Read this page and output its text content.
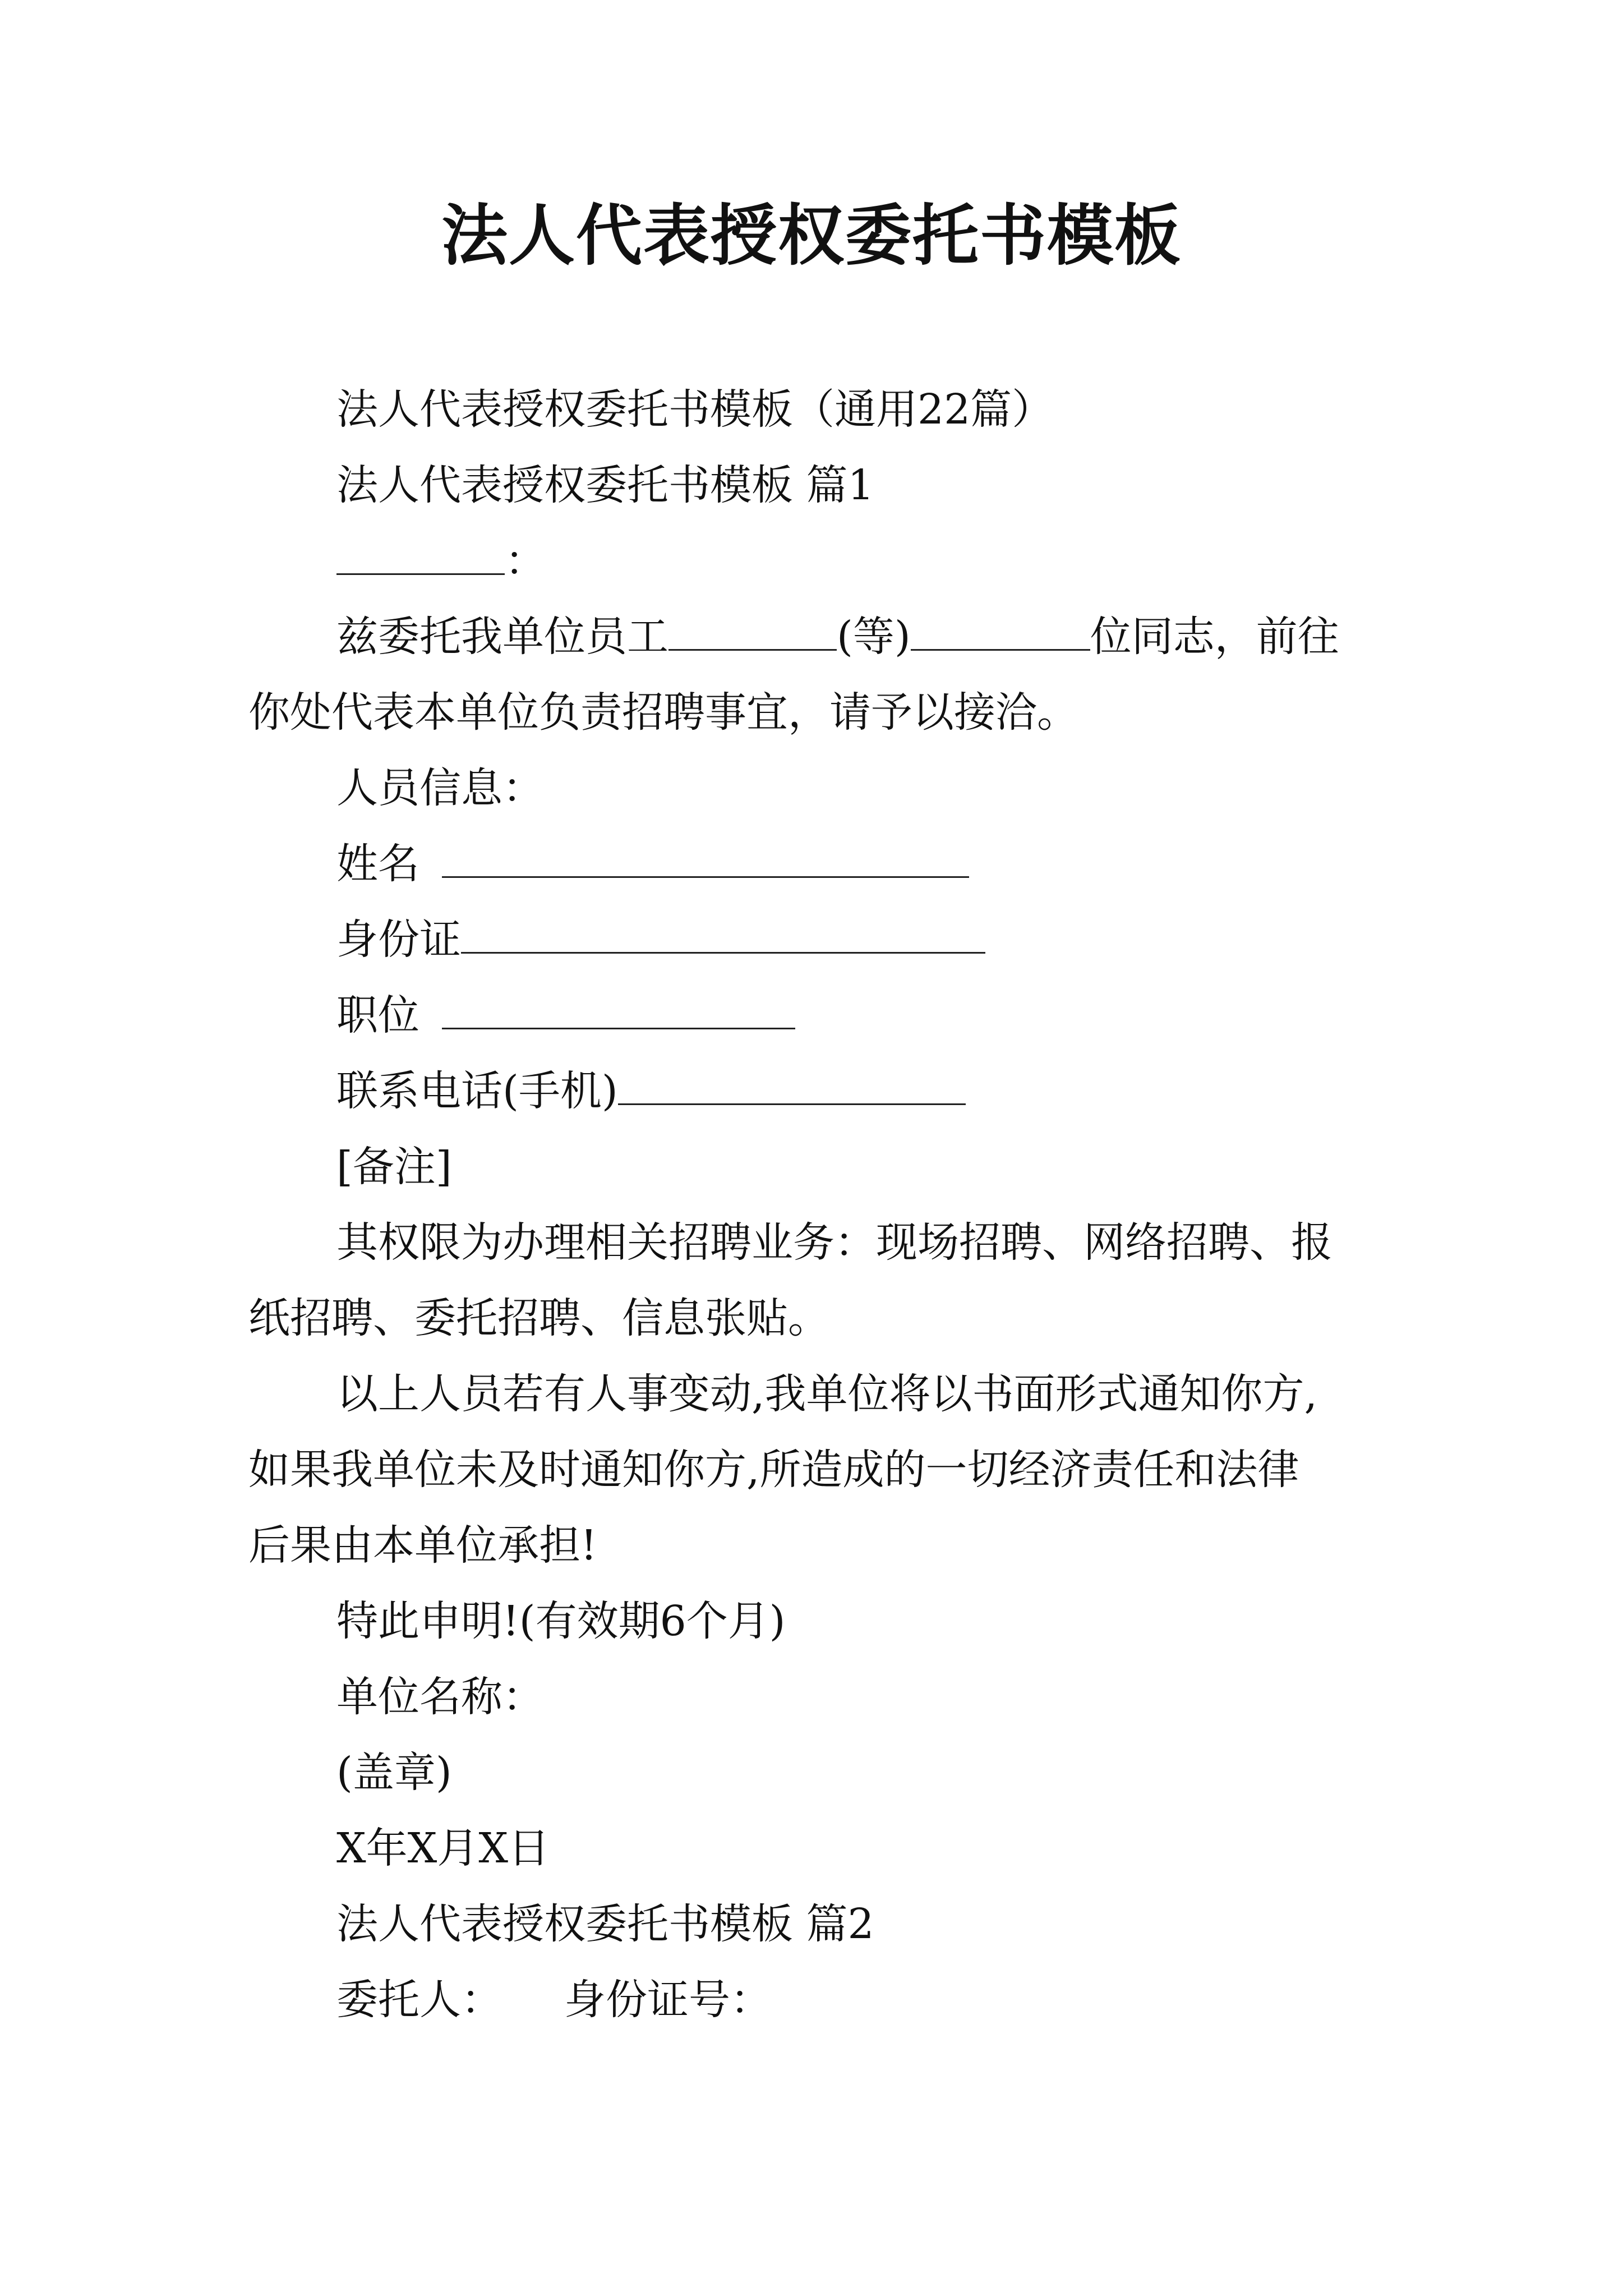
法人代表授权委托书模板

法人代表授权委托书模板（通用22篇）

法人代表授权委托书模板 篇1

：

兹委托我单位员工	(等)	位同志，前往

你处代表本单位负责招聘事宜，请予以接洽。

人员信息：

姓名

身份证

职位

联系电话(手机)

[备注]

其权限为办理相关招聘业务：现场招聘、网络招聘、报

纸招聘、委托招聘、信息张贴。

以上人员若有人事变动,我单位将以书面形式通知你方,

如果我单位未及时通知你方,所造成的一切经济责任和法律

后果由本单位承担!

特此申明!(有效期6个月)

单位名称：

(盖章)

X年X月X日

法人代表授权委托书模板 篇2

委托人： 身份证号：
